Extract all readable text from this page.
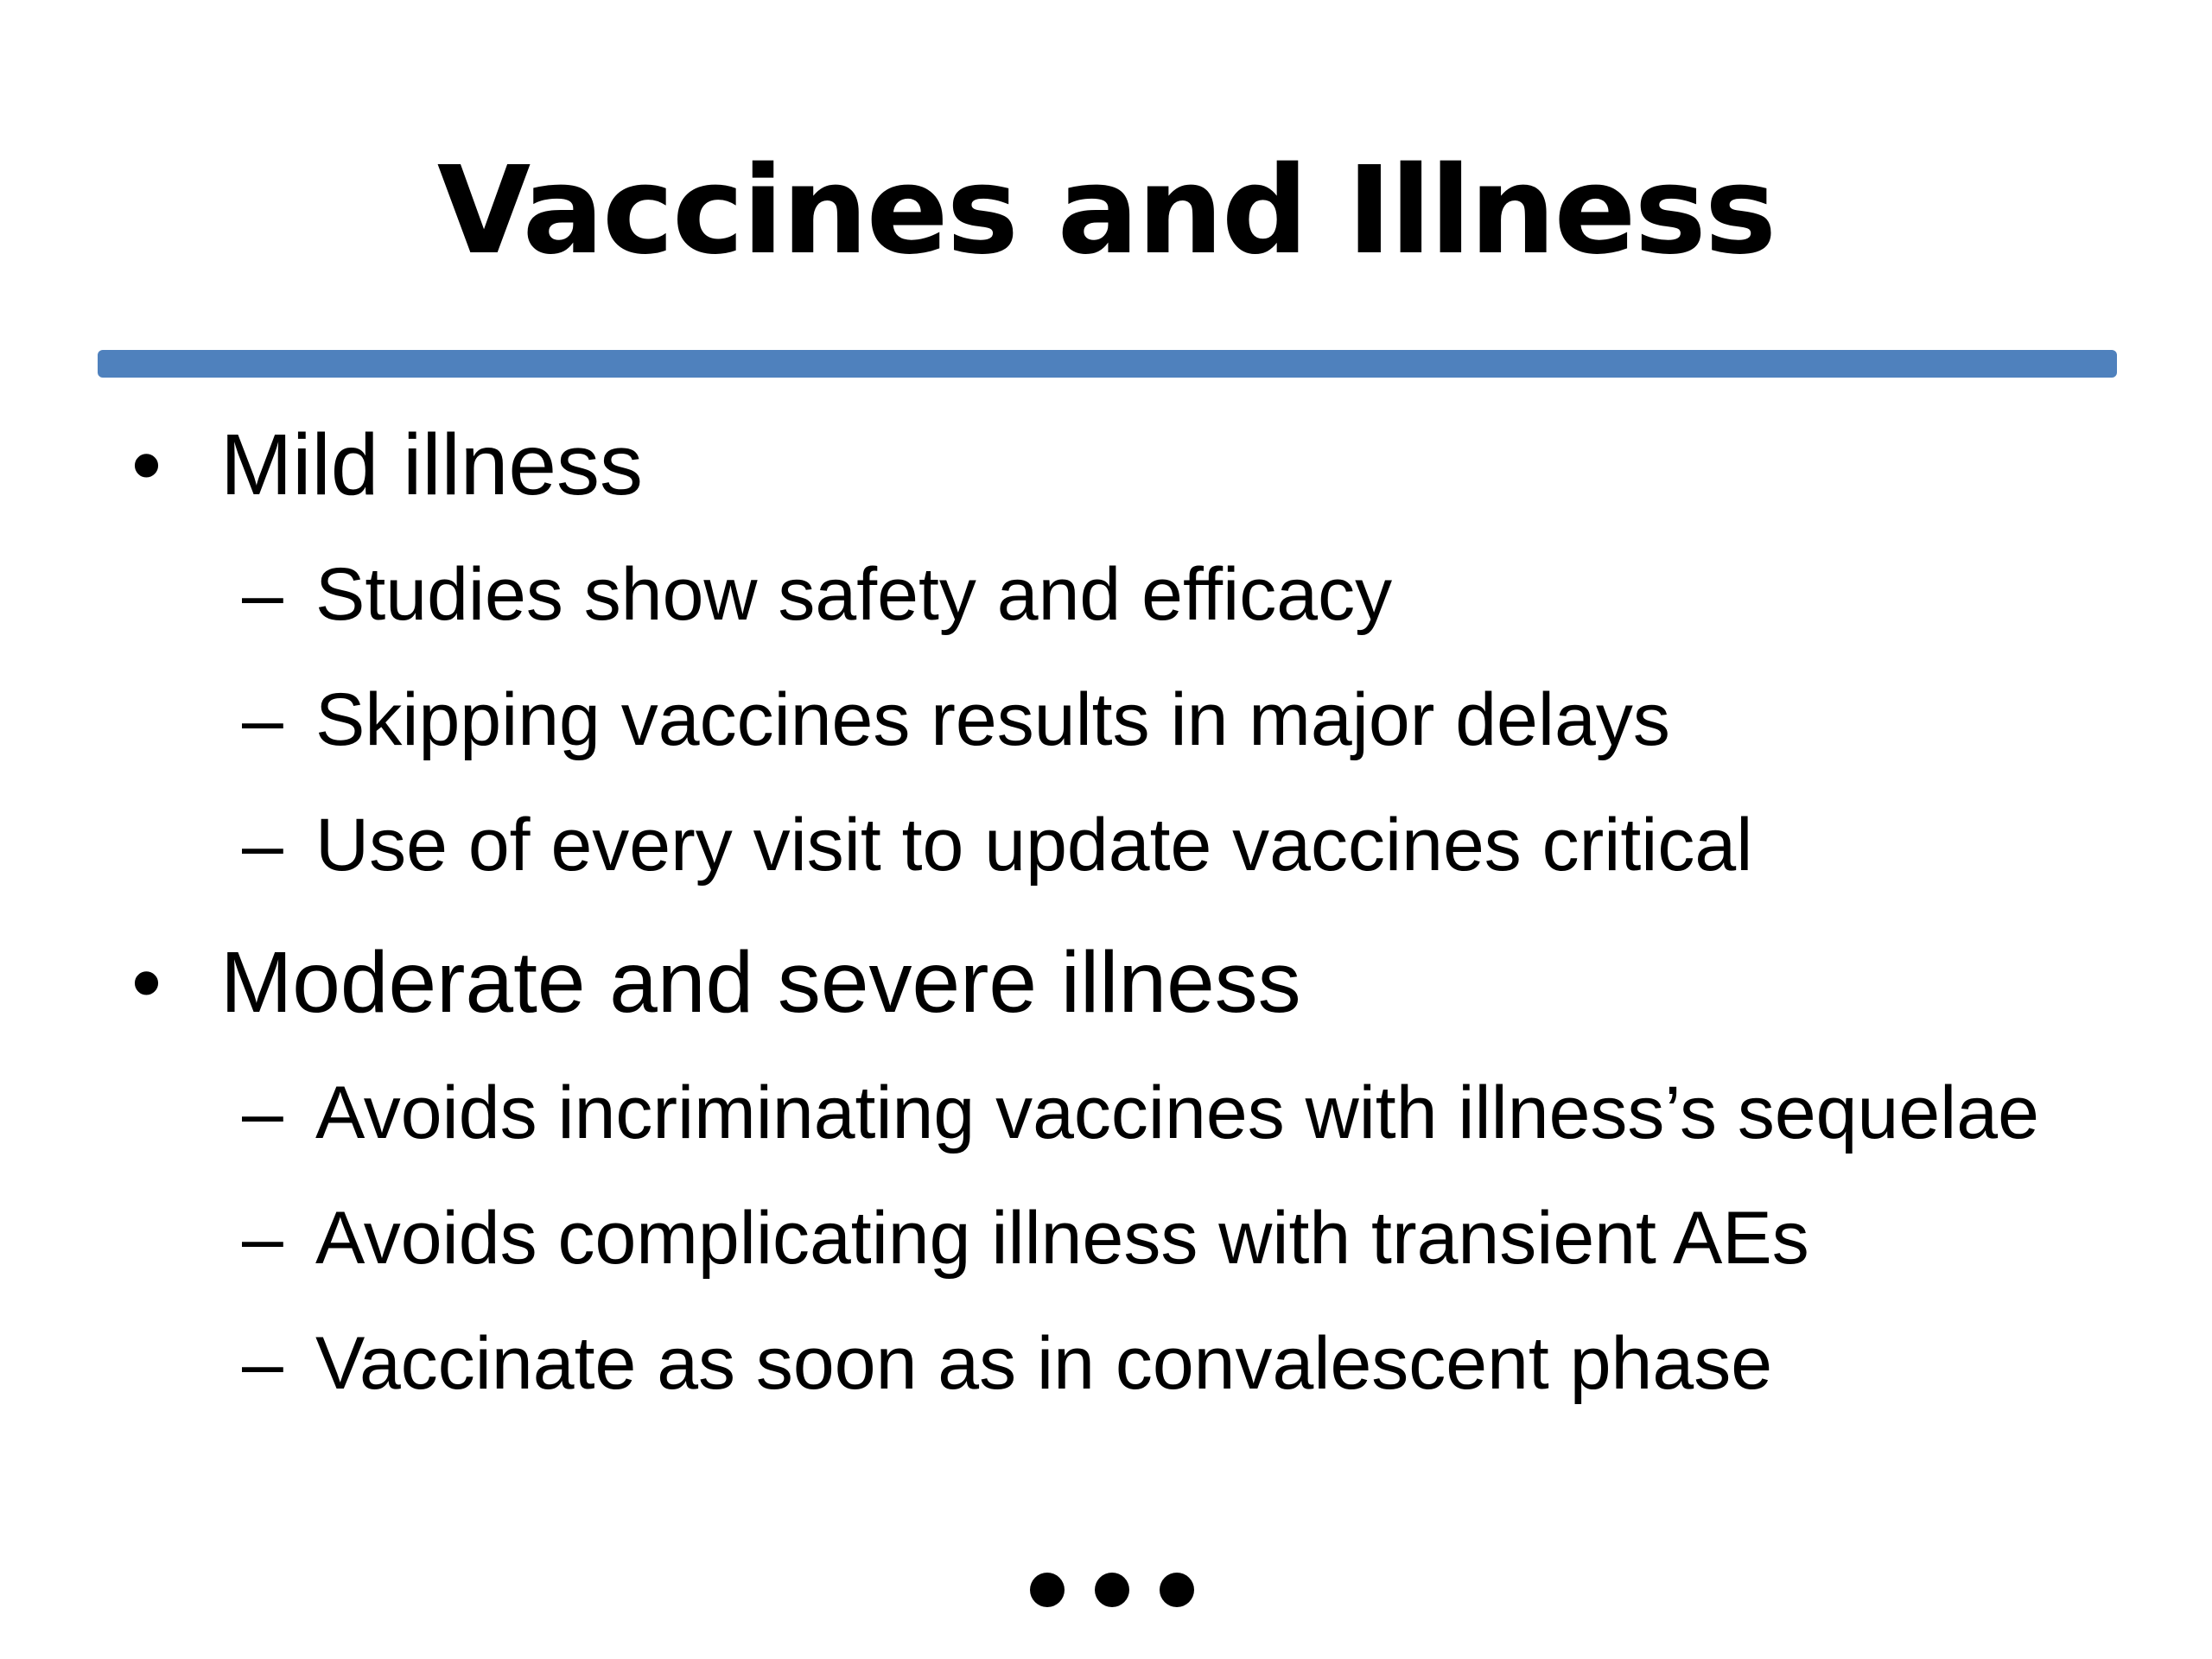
Vaccines and Illness
• Mild illness
– Studies show safety and efficacy
– Skipping vaccines results in major delays
– Use of every visit to update vaccines critical
• Moderate and severe illness
– Avoids incriminating vaccines with illness’s sequelae
– Avoids complicating illness with transient AEs
– Vaccinate as soon as in convalescent phase
